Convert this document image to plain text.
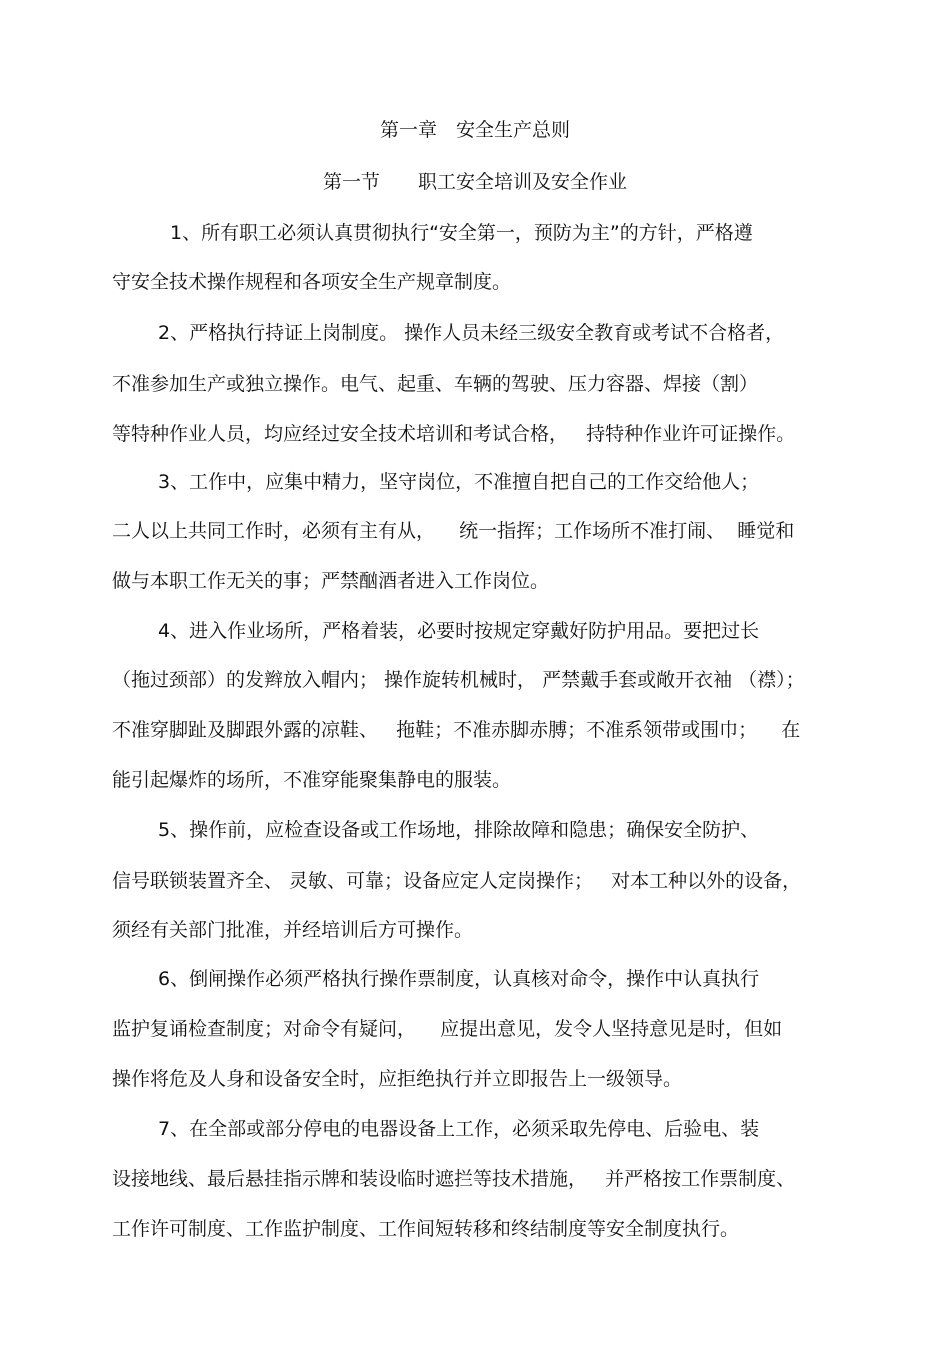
第一章　安全生产总则
第一节　　职工安全培训及安全作业
1、所有职工必须认真贯彻执行“安全第一，预防为主”的方针，严格遵
守安全技术操作规程和各项安全生产规章制度。
2、严格执行持证上岗制度。 操作人员未经三级安全教育或考试不合格者，
不准参加生产或独立操作。电气、起重、车辆的驾驶、压力容器、焊接（割）
等特种作业人员，均应经过安全技术培训和考试合格，   持特种作业许可证操作。
3、工作中，应集中精力，坚守岗位，不准擅自把自己的工作交给他人；
二人以上共同工作时，必须有主有从，    统一指挥；工作场所不准打闹、  睡觉和
做与本职工作无关的事；严禁酗酒者进入工作岗位。
4、进入作业场所，严格着装，必要时按规定穿戴好防护用品。要把过长
（拖过颈部）的发辫放入帽内； 操作旋转机械时， 严禁戴手套或敞开衣袖 （襟）；
不准穿脚趾及脚跟外露的凉鞋、   拖鞋；不准赤脚赤膊；不准系领带或围巾；    在
能引起爆炸的场所，不准穿能聚集静电的服装。
5、操作前，应检查设备或工作场地，排除故障和隐患；确保安全防护、
信号联锁装置齐全、 灵敏、可靠；设备应定人定岗操作；   对本工种以外的设备，
须经有关部门批准，并经培训后方可操作。
6、倒闸操作必须严格执行操作票制度，认真核对命令，操作中认真执行
监护复诵检查制度；对命令有疑问，    应提出意见，发令人坚持意见是时，但如
操作将危及人身和设备安全时，应拒绝执行并立即报告上一级领导。
7、在全部或部分停电的电器设备上工作，必须采取先停电、后验电、装
设接地线、最后悬挂指示牌和装设临时遮拦等技术措施，   并严格按工作票制度、
工作许可制度、工作监护制度、工作间短转移和终结制度等安全制度执行。
